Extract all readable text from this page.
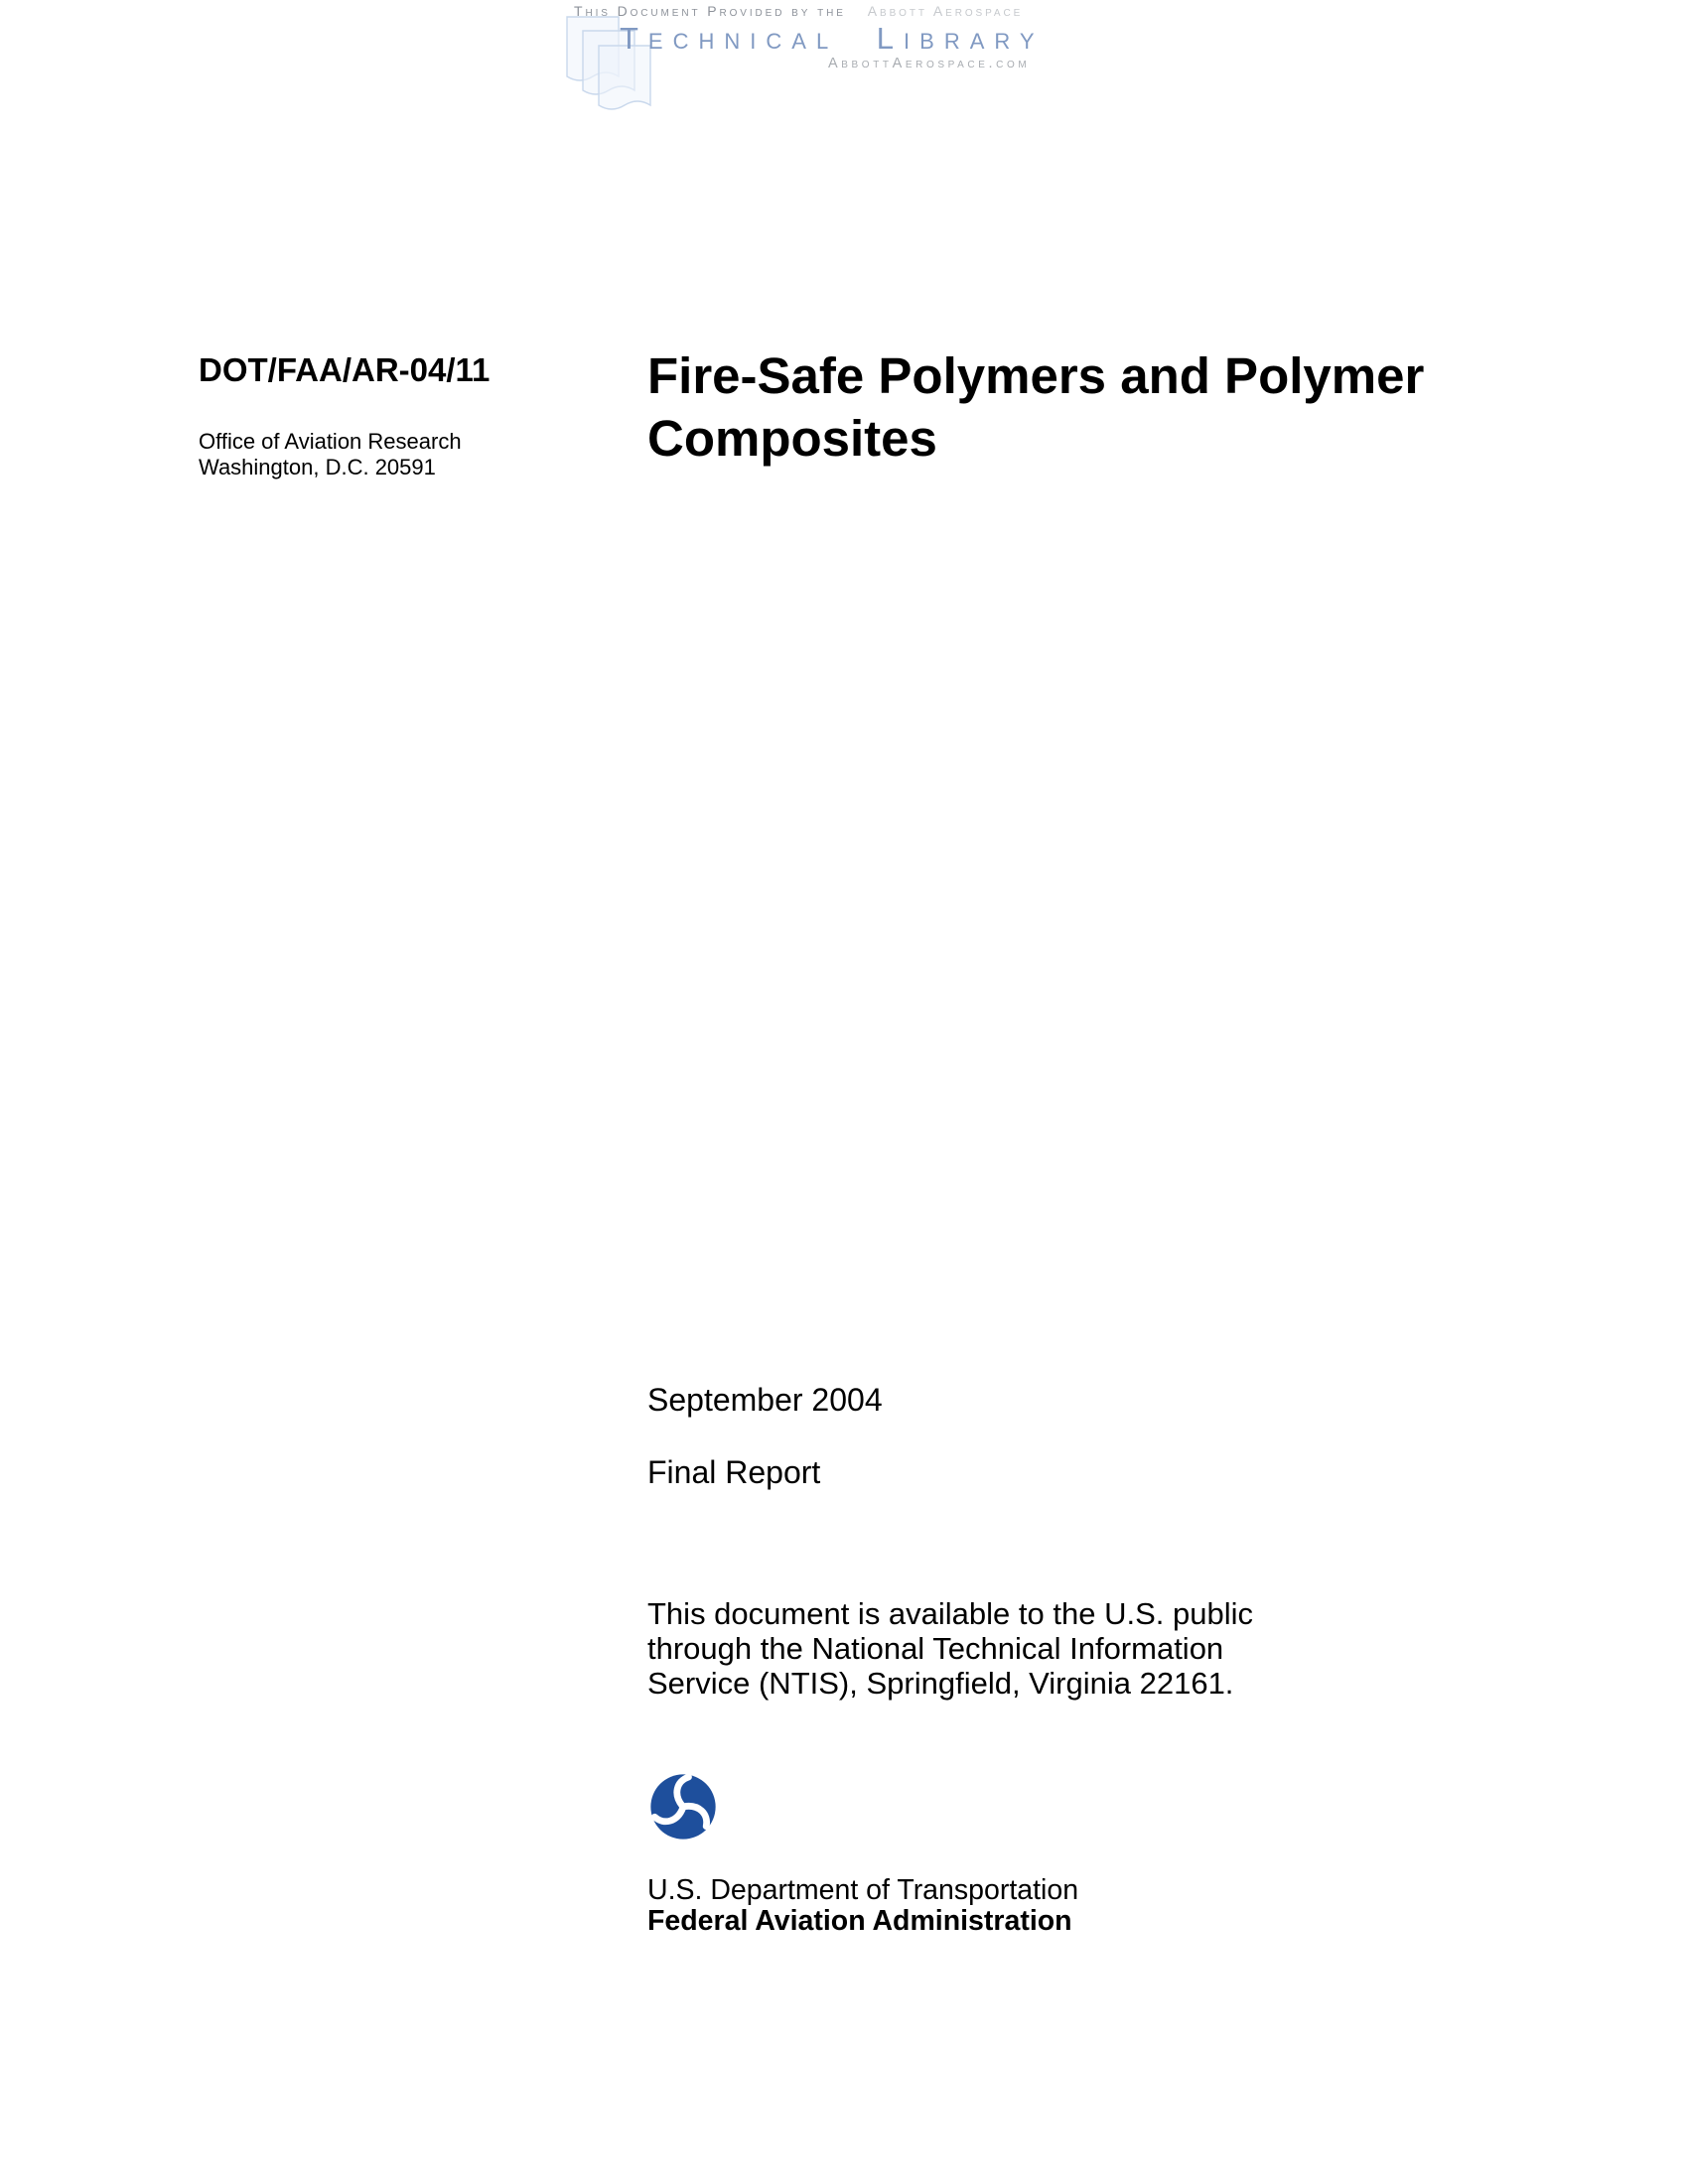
This Document Provided by the Abbott Aerospace
Technical Library
AbbottAerospace.com
DOT/FAA/AR-04/11
Office of Aviation Research
Washington, D.C. 20591
Fire-Safe Polymers and Polymer Composites
September 2004
Final Report
This document is available to the U.S. public through the National Technical Information Service (NTIS), Springfield, Virginia 22161.
U.S. Department of Transportation
Federal Aviation Administration
